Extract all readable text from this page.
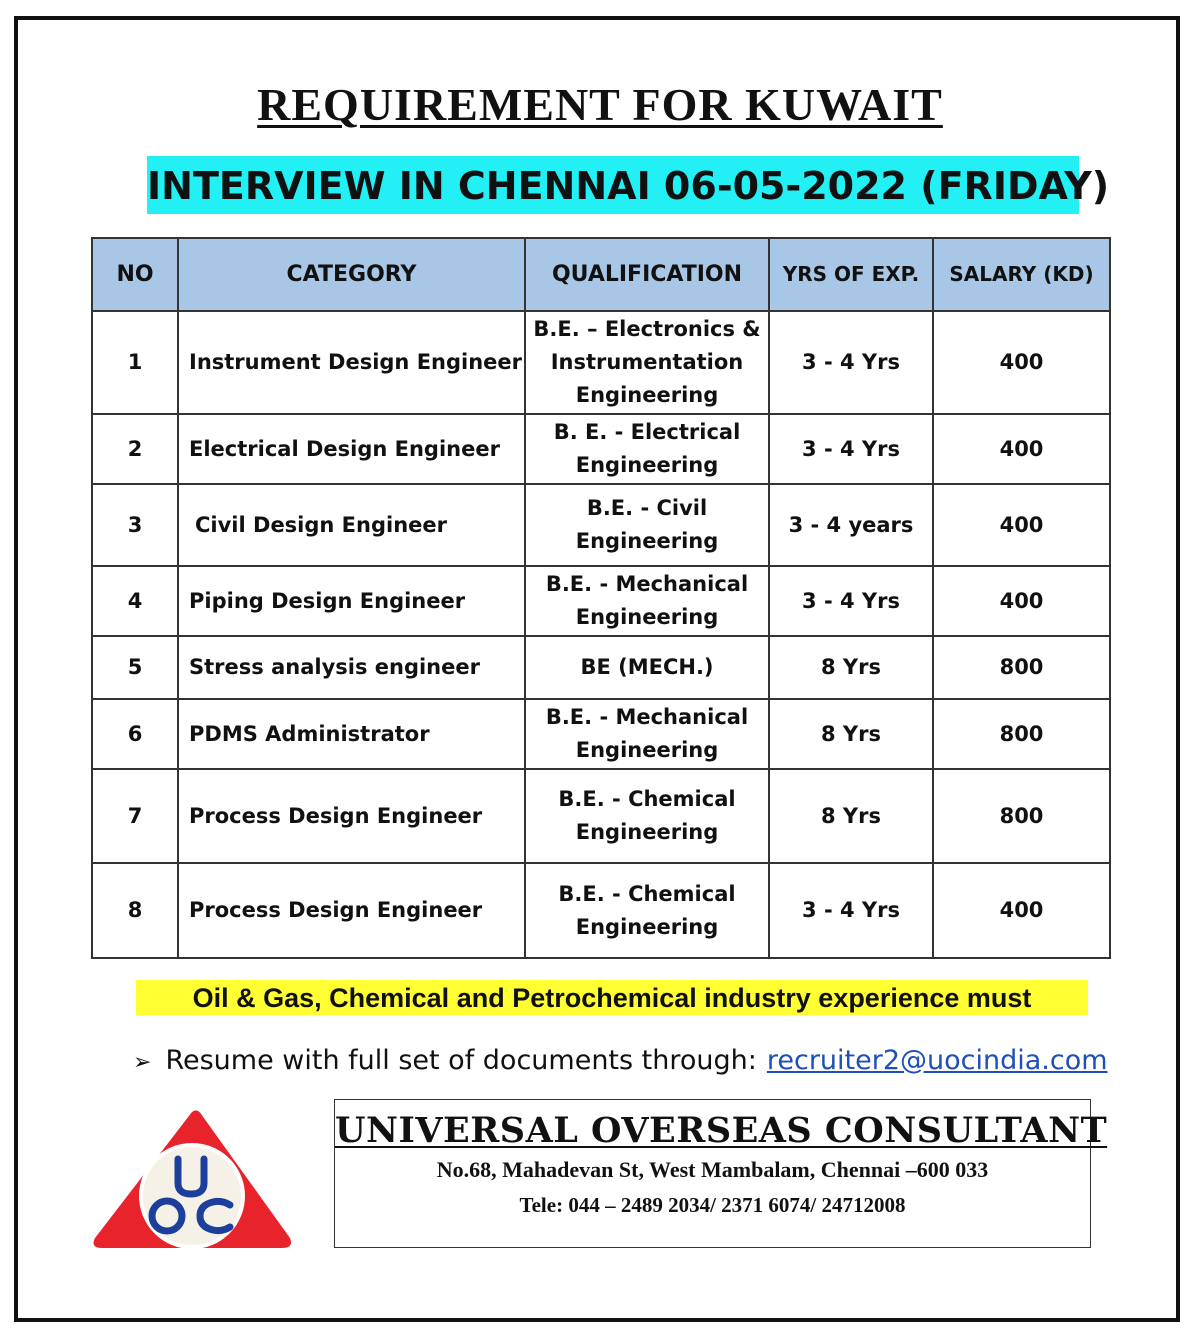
REQUIREMENT FOR KUWAIT
INTERVIEW IN CHENNAI 06-05-2022 (FRIDAY)
NO	CATEGORY	QUALIFICATION	YRS OF EXP.	SALARY (KD)
1	Instrument Design Engineer	B.E. – Electronics & Instrumentation Engineering	3 - 4 Yrs	400
2	Electrical Design Engineer	B. E. - Electrical Engineering	3 - 4 Yrs	400
3	Civil Design Engineer	B.E. - Civil Engineering	3 - 4 years	400
4	Piping Design Engineer	B.E. - Mechanical Engineering	3 - 4 Yrs	400
5	Stress analysis engineer	BE (MECH.)	8 Yrs	800
6	PDMS Administrator	B.E. - Mechanical Engineering	8 Yrs	800
7	Process Design Engineer	B.E. - Chemical Engineering	8 Yrs	800
8	Process Design Engineer	B.E. - Chemical Engineering	3 - 4 Yrs	400
Oil & Gas, Chemical and Petrochemical industry experience must
➢ Resume with full set of documents through: recruiter2@uocindia.com
UNIVERSAL OVERSEAS CONSULTANT
No.68, Mahadevan St, West Mambalam, Chennai –600 033
Tele: 044 – 2489 2034/ 2371 6074/ 24712008
